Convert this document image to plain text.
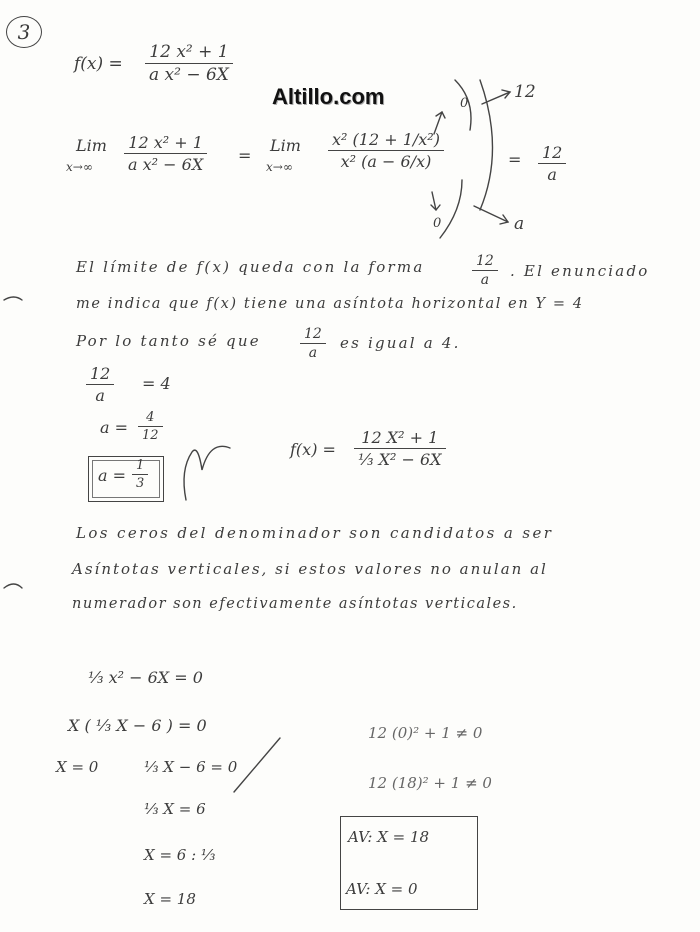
3
Altillo.com
$f(x) = \frac{\text{12 x² + 1}}{\text{a x² − 6X}}$
Lim
$x\to\infty \frac{\text{12 x² + 1}}{\text{a x² − 6X}}$ =
Lim
$x\to\infty \frac{\text{x² (12 + 1/x²)}}{\text{x² (a − 6/x)}}$
0
12
0	a
= $\frac{12}{a}$
El límite de f(x) queda con la forma	$\frac{12}{a}$ . El enunciado
me indica que f(x) tiene una asíntota horizontal en Y = 4
Por lo tanto sé que	$\frac{12}{a}$ es igual a 4.
$\frac{12}{a} = 4$
$a = \frac{4}{12}$
$a = \frac{1}{3}$
$f(x) = \frac{\text{12 X² + 1}}{\text{⅓ X² − 6X}}$
Los ceros del denominador son candidatos a ser
Asíntotas verticales, si estos valores no anulan al
numerador son efectivamente asíntotas verticales.
⅓ x² − 6X = 0
X ( ⅓ X − 6 ) = 0
X = 0	⅓ X − 6 = 0
⅓ X = 6
X = 6 : ⅓
X = 18
12 (0)² + 1 ≠ 0
12 (18)² + 1 ≠ 0
AV: X = 18
AV: X = 0
